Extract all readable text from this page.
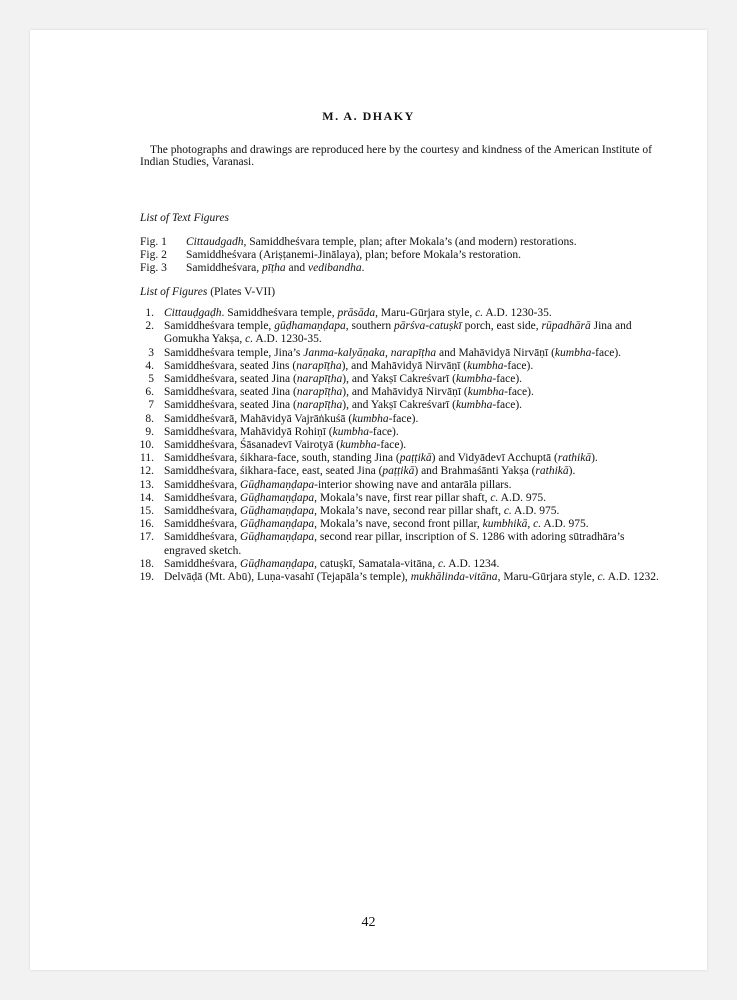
M. A. DHAKY

The photographs and drawings are reproduced here by the courtesy and kindness of the American Institute of Indian Studies, Varanasi.

List of Text Figures
Fig. 1	Cittaudgadh, Samiddheśvara temple, plan; after Mokala’s (and modern) restorations.
Fig. 2	Samiddheśvara (Ariṣṭanemi-Jinālaya), plan; before Mokala’s restoration.
Fig. 3	Samiddheśvara, pīṭha and vedibandha.
List of Figures (Plates V-VII)
1. Cittauḍgaḍh. Samiddheśvara temple, prāsāda, Maru-Gūrjara style, c. A.D. 1230-35.
2. Samiddheśvara temple, gūḍhamaṇḍapa, southern pārśva-catuṣkī porch, east side, rūpadhārā Jina and Gomukha Yakṣa, c. A.D. 1230-35.
3 Samiddheśvara temple, Jina’s Janma-kalyāṇaka, narapīṭha and Mahāvidyā Nirvāṇī (kumbha-face).
4. Samiddheśvara, seated Jins (narapīṭha), and Mahāvidyā Nirvāṇī (kumbha-face).
5 Samiddheśvara, seated Jina (narapīṭha), and Yakṣī Cakreśvarī (kumbha-face).
6. Samiddheśvara, seated Jina (narapīṭha), and Mahāvidyā Nirvāṇī (kumbha-face).
7 Samiddheśvara, seated Jina (narapīṭha), and Yakṣī Cakreśvarī (kumbha-face).
8. Samiddheśvarā, Mahāvidyā Vajrāṅkuśā (kumbha-face).
9. Samiddheśvara, Mahāvidyā Rohiṇī (kumbha-face).
10. Samiddheśvara, Śāsanadevī Vairoṭyā (kumbha-face).
11. Samiddheśvara, śikhara-face, south, standing Jina (paṭṭikā) and Vidyādevī Acchuptā (rathikā).
12. Samiddheśvara, śikhara-face, east, seated Jina (paṭṭikā) and Brahmaśānti Yakṣa (rathikā).
13. Samiddheśvara, Gūḍhamaṇḍapa-interior showing nave and antarāla pillars.
14. Samiddheśvara, Gūḍhamaṇḍapa, Mokala’s nave, first rear pillar shaft, c. A.D. 975.
15. Samiddheśvara, Gūḍhamaṇḍapa, Mokala’s nave, second rear pillar shaft, c. A.D. 975.
16. Samiddheśvara, Gūḍhamaṇḍapa, Mokala’s nave, second front pillar, kumbhikā, c. A.D. 975.
17. Samiddheśvara, Gūḍhamaṇḍapa, second rear pillar, inscription of S. 1286 with adoring sūtradhāra’s engraved sketch.
18. Samiddheśvara, Gūḍhamaṇḍapa, catuṣkī, Samatala-vitāna, c. A.D. 1234.
19. Delvāḍā (Mt. Abū), Luṇa-vasahī (Tejapāla’s temple), mukhālinda-vitāna, Maru-Gūrjara style, c. A.D. 1232.
42
